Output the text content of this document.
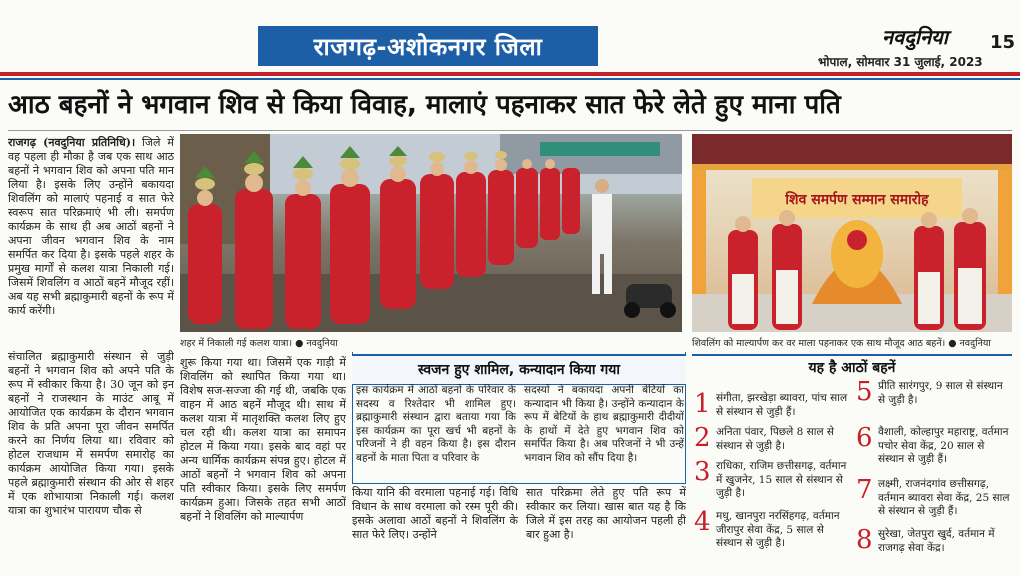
राजगढ़-अशोकनगर जिला	नवदुनिया	15
भोपाल, सोमवार 31 जुलाई, 2023
आठ बहनों ने भगवान शिव से किया विवाह, मालाएं पहनाकर सात फेरे लेते हुए माना पति

राजगढ़ (नवदुनिया प्रतिनिधि)। जिले में वह पहला ही मौका है जब एक साथ आठ बहनों ने भगवान शिव को अपना पति मान लिया है। इसके लिए उन्होंने बकायदा शिवलिंग को मालाएं पहनाई व सात फेरे स्वरूप सात परिक्रमाएं भी ली। समर्पण कार्यक्रम के साथ ही अब आठों बहनों ने अपना जीवन भगवान शिव के नाम समर्पित कर दिया है। इसके पहले शहर के प्रमुख मार्गों से कलश यात्रा निकाली गई। जिसमें शिवलिंग व आठों बहनें मौजूद रहीं। अब यह सभी ब्रह्माकुमारी बहनों के रूप में कार्य करेंगी।

संचालित ब्रह्माकुमारी संस्थान से जुड़ी बहनों ने भगवान शिव को अपने पति के रूप में स्वीकार किया है। 30 जून को इन बहनों ने राजस्थान के माउंट आबू में आयोजित एक कार्यक्रम के दौरान भगवान शिव के प्रति अपना पूरा जीवन समर्पित करने का निर्णय लिया था। रविवार को होटल राजधाम में समर्पण समारोह का कार्यक्रम आयोजित किया गया। इसके पहले ब्रह्माकुमारी संस्थान की ओर से शहर में एक शोभायात्रा निकाली गई। कलश यात्रा का शुभारंभ पारायण चौक से

शहर में निकाली गई कलश यात्रा। ● नवदुनिया
शिव समर्पण सम्मान समारोह
शिवलिंग को माल्यार्पण कर वर माला पहनाकर एक साथ मौजूद आठ बहनें। ● नवदुनिया

शुरू किया गया था। जिसमें एक गाड़ी में शिवलिंग को स्थापित किया गया था। विशेष सज-सज्जा की गई थी, जबकि एक वाहन में आठ बहनें मौजूद थी। साथ में कलश यात्रा में मातृशक्ति कलश लिए हुए चल रही थी। कलश यात्रा का समापन होटल में किया गया। इसके बाद वहां पर अन्य धार्मिक कार्यक्रम संपन्न हुए। होटल में आठों बहनों ने भगवान शिव को अपना पति स्वीकार किया। इसके लिए समर्पण कार्यक्रम हुआ। जिसके तहत सभी आठों बहनों ने शिवलिंग को माल्यार्पण

स्वजन हुए शामिल, कन्यादान किया गया
इस कार्यक्रम में आठों बहनों के परिवार के सदस्य व रिश्तेदार भी शामिल हुए। ब्रह्माकुमारी संस्थान द्वारा बताया गया कि इस कार्यक्रम का पूरा खर्च भी बहनों के परिजनों ने ही वहन किया है। इस दौरान बहनों के माता पिता व परिवार के
सदस्यों ने बकायदा अपनी बेटियों का कन्यादान भी किया है। उन्होंने कन्यादान के रूप में बेटियों के हाथ ब्रह्माकुमारी दीदीयों के हाथों में देते हुए भगवान शिव को समर्पित किया है। अब परिजनों ने भी उन्हें भगवान शिव को सौंप दिया है।

किया यानि की वरमाला पहनाई गई। विधि विधान के साथ वरमाला को रस्म पूरी की। इसके अलावा आठों बहनों ने शिवलिंग के सात फेरे लिए। उन्होंने

सात परिक्रमा लेते हुए पति रूप में स्वीकार कर लिया। खास बात यह है कि जिले में इस तरह का आयोजन पहली ही बार हुआ है।

यह है आठों बहनें
1 संगीता, झरखेड़ा ब्यावरा, पांच साल से संस्थान से जुड़ी हैं।
2 अनिता पंवार, पिछले 8 साल से संस्थान से जुड़ी है।
3 राधिका, राजिम छत्तीसगढ़, वर्तमान में खुजनेर, 15 साल से संस्थान से जुड़ी है।
4 मधु, खानपुरा नरसिंहगढ़, वर्तमान जीरापुर सेवा केंद्र, 5 साल से संस्थान से जुड़ी है।
5 प्रीति सारंगपुर, 9 साल से संस्थान से जुड़ी है।
6 वैशाली, कोल्हापुर महाराष्ट्र, वर्तमान पचोर सेवा केंद्र, 20 साल से संस्थान से जुड़ी हैं।
7 लक्ष्मी, राजनंदगांव छत्तीसगढ़, वर्तमान ब्यावरा सेवा केंद्र, 25 साल से संस्थान से जुड़ी हैं।
8 सुरेखा, जेतपुरा खुर्द, वर्तमान में राजगढ़ सेवा केंद्र।
